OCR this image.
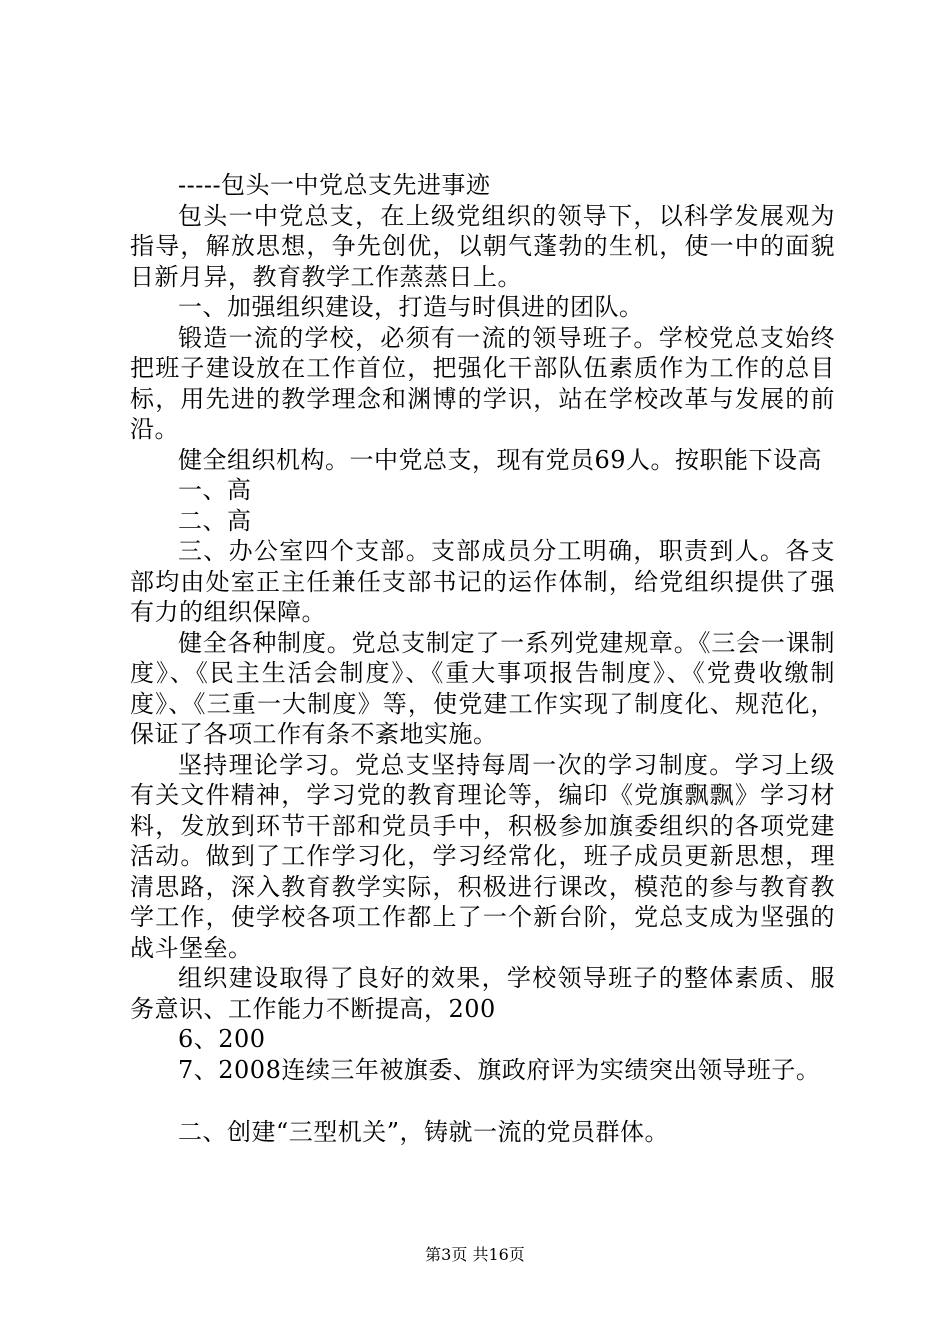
-----包头一中党总支先进事迹

包头一中党总支，在上级党组织的领导下，以科学发展观为指导，解放思想，争先创优，以朝气蓬勃的生机，使一中的面貌日新月异，教育教学工作蒸蒸日上。

一、加强组织建设，打造与时俱进的团队。

锻造一流的学校，必须有一流的领导班子。学校党总支始终把班子建设放在工作首位，把强化干部队伍素质作为工作的总目标，用先进的教学理念和渊博的学识，站在学校改革与发展的前沿。

健全组织机构。一中党总支，现有党员69人。按职能下设高

一、高

二、高

三、办公室四个支部。支部成员分工明确，职责到人。各支部均由处室正主任兼任支部书记的运作体制，给党组织提供了强有力的组织保障。

健全各种制度。党总支制定了一系列党建规章。《三会一课制度》、《民主生活会制度》、《重大事项报告制度》、《党费收缴制度》、《三重一大制度》等，使党建工作实现了制度化、规范化，保证了各项工作有条不紊地实施。

坚持理论学习。党总支坚持每周一次的学习制度。学习上级有关文件精神，学习党的教育理论等，编印《党旗飘飘》学习材料，发放到环节干部和党员手中，积极参加旗委组织的各项党建活动。做到了工作学习化，学习经常化，班子成员更新思想，理清思路，深入教育教学实际，积极进行课改，模范的参与教育教学工作，使学校各项工作都上了一个新台阶，党总支成为坚强的战斗堡垒。

组织建设取得了良好的效果，学校领导班子的整体素质、服务意识、工作能力不断提高，200

6、200

7、2008连续三年被旗委、旗政府评为实绩突出领导班子。

二、创建“三型机关”，铸就一流的党员群体。

第3页 共16页
